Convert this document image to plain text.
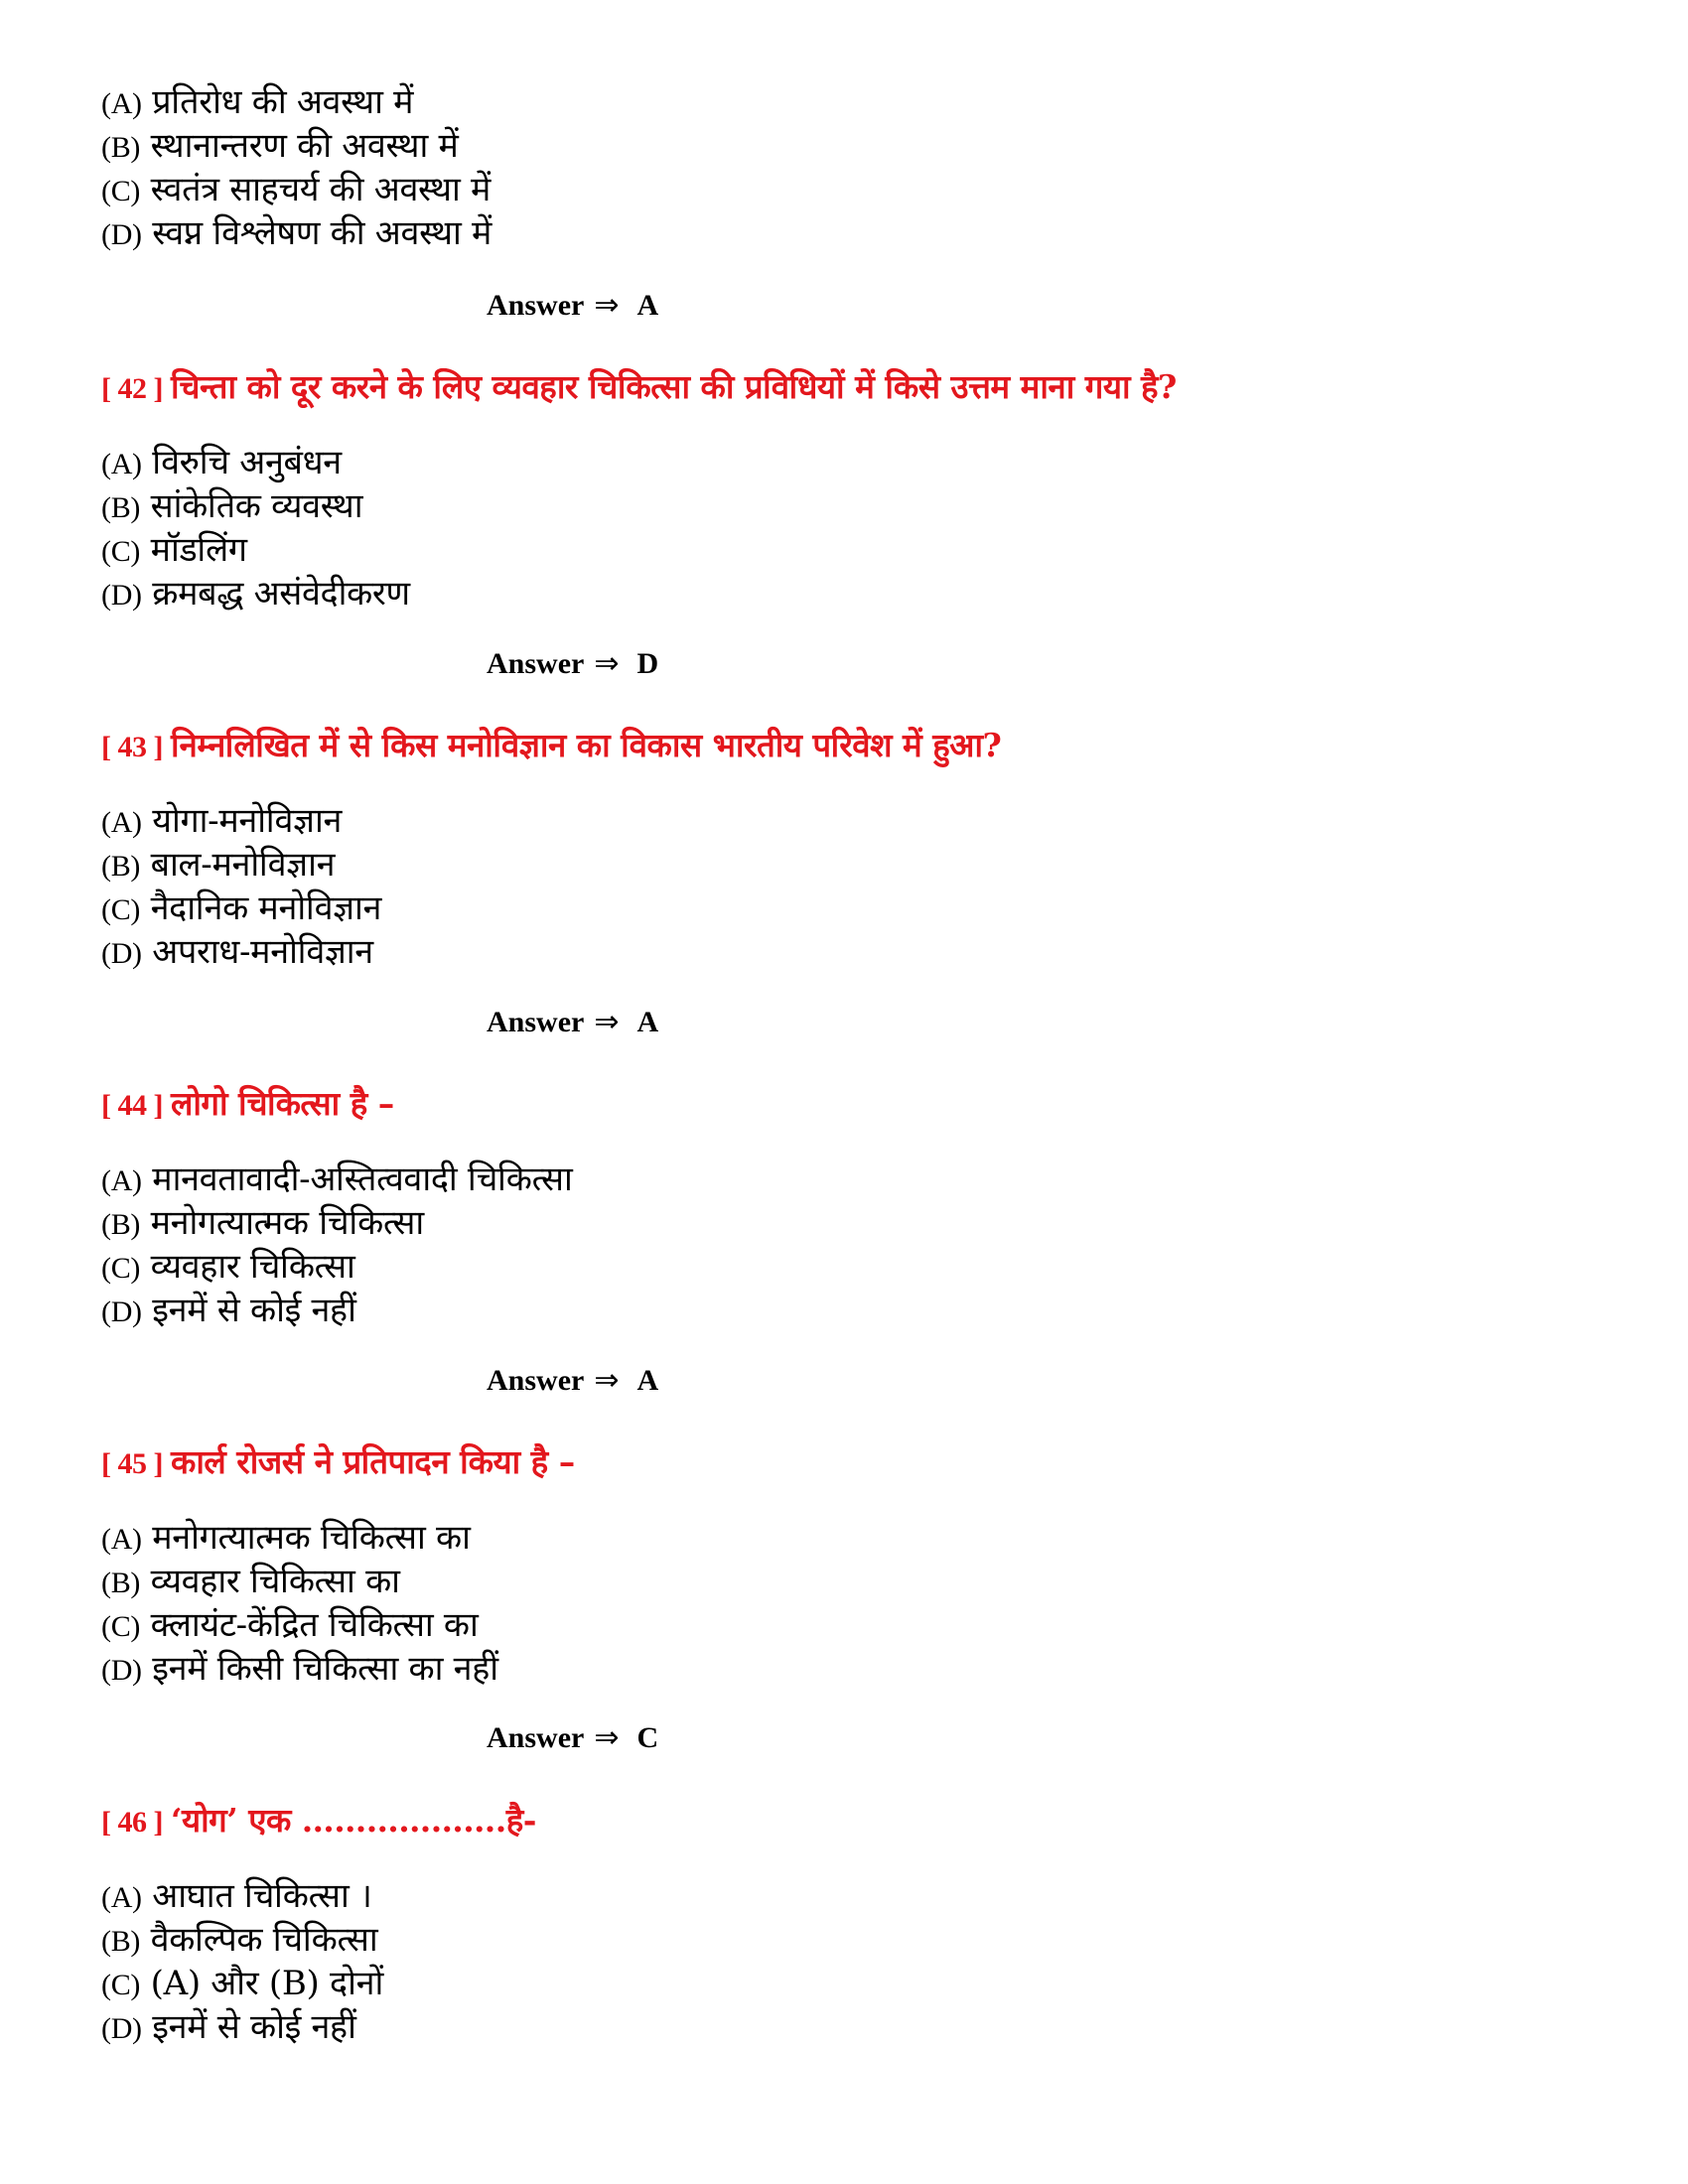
(A) प्रतिरोध की अवस्था में
(B) स्थानान्तरण की अवस्था में
(C) स्वतंत्र साहचर्य की अवस्था में
(D) स्वप्न विश्लेषण की अवस्था में
Answer ⇒ A
[ 42 ] चिन्ता को दूर करने के लिए व्यवहार चिकित्सा की प्रविधियों में किसे उत्तम माना गया है?
(A) विरुचि अनुबंधन
(B) सांकेतिक व्यवस्था
(C) मॉडलिंग
(D) क्रमबद्ध असंवेदीकरण
Answer ⇒ D
[ 43 ] निम्नलिखित में से किस मनोविज्ञान का विकास भारतीय परिवेश में हुआ?
(A) योगा-मनोविज्ञान
(B) बाल-मनोविज्ञान
(C) नैदानिक मनोविज्ञान
(D) अपराध-मनोविज्ञान
Answer ⇒ A
[ 44 ] लोगो चिकित्सा है –
(A) मानवतावादी-अस्तित्ववादी चिकित्सा
(B) मनोगत्यात्मक चिकित्सा
(C) व्यवहार चिकित्सा
(D) इनमें से कोई नहीं
Answer ⇒ A
[ 45 ] कार्ल रोजर्स ने प्रतिपादन किया है –
(A) मनोगत्यात्मक चिकित्सा का
(B) व्यवहार चिकित्सा का
(C) क्लायंट-केंद्रित चिकित्सा का
(D) इनमें किसी चिकित्सा का नहीं
Answer ⇒ C
[ 46 ] ‘योग’ एक ……………….है-
(A) आघात चिकित्सा ।
(B) वैकल्पिक चिकित्सा
(C) (A) और (B) दोनों
(D) इनमें से कोई नहीं
